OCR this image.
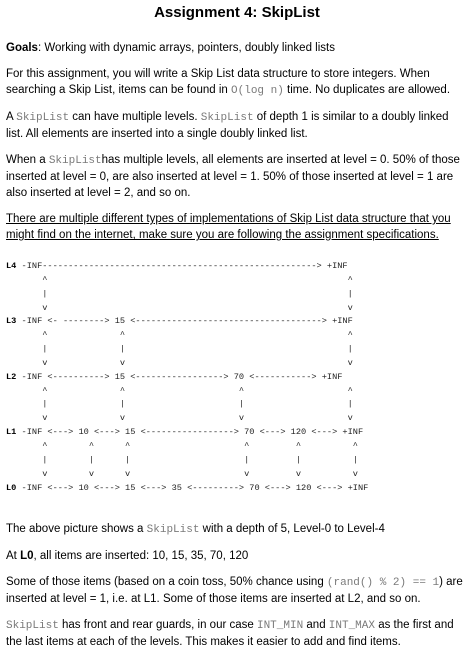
Assignment 4: SkipList

Goals: Working with dynamic arrays, pointers, doubly linked lists

For this assignment, you will write a Skip List data structure to store integers. When searching a Skip List, items can be found in O(log n) time. No duplicates are allowed.

A SkipList can have multiple levels. SkipList of depth 1 is similar to a doubly linked list. All elements are inserted into a single doubly linked list.

When a SkipListhas multiple levels, all elements are inserted at level = 0. 50% of those inserted at level = 0, are also inserted at level = 1. 50% of those inserted at level = 1 are also inserted at level = 2, and so on.

There are multiple different types of implementations of Skip List data structure that you might find on the internet, make sure you are following the assignment specifications.

L4 -INF-----------------------------------------------------> +INF
^                                                          ^
|                                                          |
v                                                          v
L3 -INF <- --------> 15 <------------------------------------> +INF
^              ^                                           ^
|              |                                           |
v              v                                           v
L2 -INF <----------> 15 <-----------------> 70 <-----------> +INF
^              ^                      ^                    ^
|              |                      |                    |
v              v                      v                    v
L1 -INF <---> 10 <---> 15 <-----------------> 70 <---> 120 <---> +INF
^        ^      ^                      ^         ^          ^
|        |      |                      |         |          |
v        v      v                      v         v          v
L0 -INF <---> 10 <---> 15 <---> 35 <---------> 70 <---> 120 <---> +INF

The above picture shows a SkipList with a depth of 5, Level-0 to Level-4

At L0, all items are inserted: 10, 15, 35, 70, 120

Some of those items (based on a coin toss, 50% chance using (rand() % 2) == 1) are inserted at level = 1, i.e. at L1. Some of those items are inserted at L2, and so on.

SkipList has front and rear guards, in our case INT_MIN and INT_MAX as the first and the last items at each of the levels. This makes it easier to add and find items.
